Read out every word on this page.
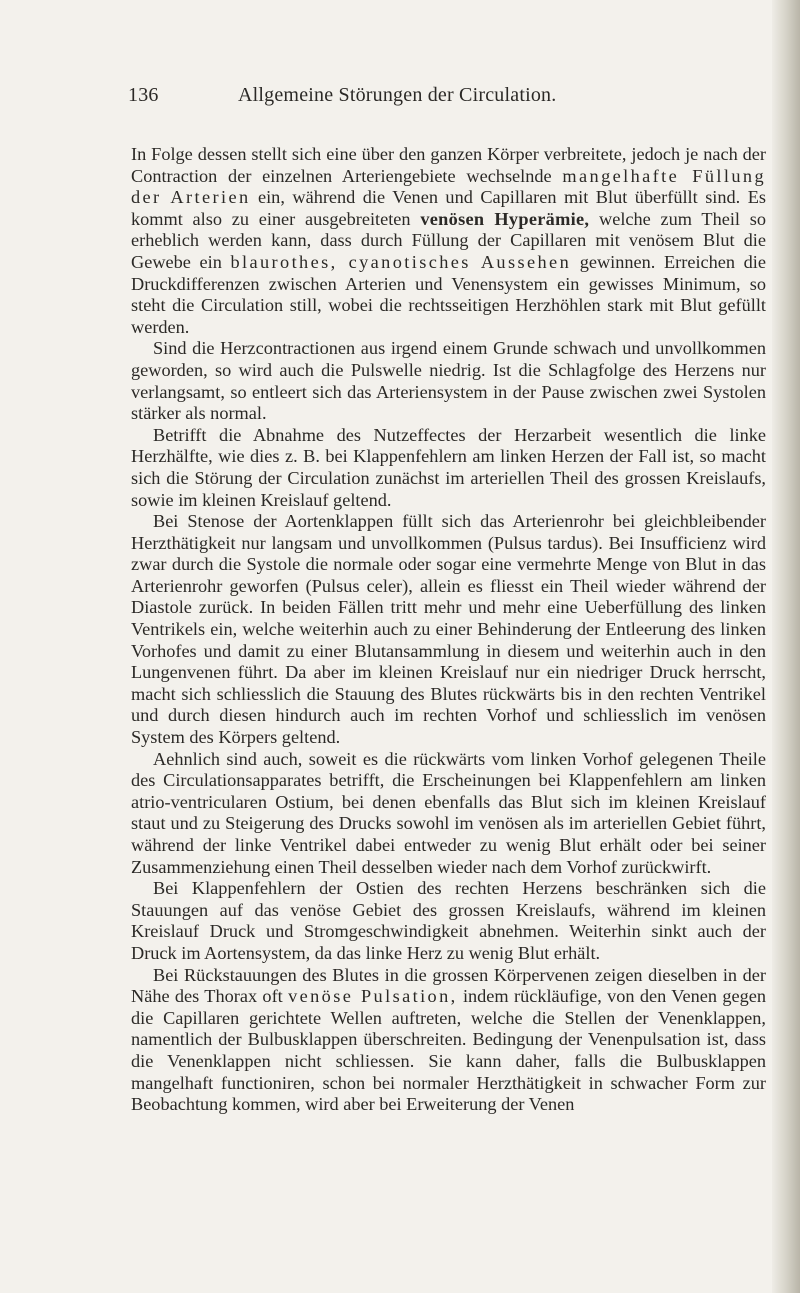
136	Allgemeine Störungen der Circulation.

In Folge dessen stellt sich eine über den ganzen Körper verbreitete, jedoch je nach der Contraction der einzelnen Arteriengebiete wechselnde mangelhafte Füllung der Arterien ein, während die Venen und Capillaren mit Blut überfüllt sind. Es kommt also zu einer ausgebreiteten venösen Hyperämie, welche zum Theil so erheblich werden kann, dass durch Füllung der Capillaren mit venösem Blut die Gewebe ein blaurothes, cyanotisches Aussehen gewinnen. Erreichen die Druckdifferenzen zwischen Arterien und Venensystem ein gewisses Minimum, so steht die Circulation still, wobei die rechtsseitigen Herzhöhlen stark mit Blut gefüllt werden.

Sind die Herzcontractionen aus irgend einem Grunde schwach und unvollkommen geworden, so wird auch die Pulswelle niedrig. Ist die Schlagfolge des Herzens nur verlangsamt, so entleert sich das Arteriensystem in der Pause zwischen zwei Systolen stärker als normal.

Betrifft die Abnahme des Nutzeffectes der Herzarbeit wesentlich die linke Herzhälfte, wie dies z. B. bei Klappenfehlern am linken Herzen der Fall ist, so macht sich die Störung der Circulation zunächst im arteriellen Theil des grossen Kreislaufs, sowie im kleinen Kreislauf geltend.

Bei Stenose der Aortenklappen füllt sich das Arterienrohr bei gleichbleibender Herzthätigkeit nur langsam und unvollkommen (Pulsus tardus). Bei Insufficienz wird zwar durch die Systole die normale oder sogar eine vermehrte Menge von Blut in das Arterienrohr geworfen (Pulsus celer), allein es fliesst ein Theil wieder während der Diastole zurück. In beiden Fällen tritt mehr und mehr eine Ueberfüllung des linken Ventrikels ein, welche weiterhin auch zu einer Behinderung der Entleerung des linken Vorhofes und damit zu einer Blutansammlung in diesem und weiterhin auch in den Lungenvenen führt. Da aber im kleinen Kreislauf nur ein niedriger Druck herrscht, macht sich schliesslich die Stauung des Blutes rückwärts bis in den rechten Ventrikel und durch diesen hindurch auch im rechten Vorhof und schliesslich im venösen System des Körpers geltend.

Aehnlich sind auch, soweit es die rückwärts vom linken Vorhof gelegenen Theile des Circulationsapparates betrifft, die Erscheinungen bei Klappenfehlern am linken atrio-ventricularen Ostium, bei denen ebenfalls das Blut sich im kleinen Kreislauf staut und zu Steigerung des Drucks sowohl im venösen als im arteriellen Gebiet führt, während der linke Ventrikel dabei entweder zu wenig Blut erhält oder bei seiner Zusammenziehung einen Theil desselben wieder nach dem Vorhof zurückwirft.

Bei Klappenfehlern der Ostien des rechten Herzens beschränken sich die Stauungen auf das venöse Gebiet des grossen Kreislaufs, während im kleinen Kreislauf Druck und Stromgeschwindigkeit abnehmen. Weiterhin sinkt auch der Druck im Aortensystem, da das linke Herz zu wenig Blut erhält.

Bei Rückstauungen des Blutes in die grossen Körpervenen zeigen dieselben in der Nähe des Thorax oft venöse Pulsation, indem rückläufige, von den Venen gegen die Capillaren gerichtete Wellen auftreten, welche die Stellen der Venenklappen, namentlich der Bulbusklappen überschreiten. Bedingung der Venenpulsation ist, dass die Venenklappen nicht schliessen. Sie kann daher, falls die Bulbusklappen mangelhaft functioniren, schon bei normaler Herzthätigkeit in schwacher Form zur Beobachtung kommen, wird aber bei Erweiterung der Venen
